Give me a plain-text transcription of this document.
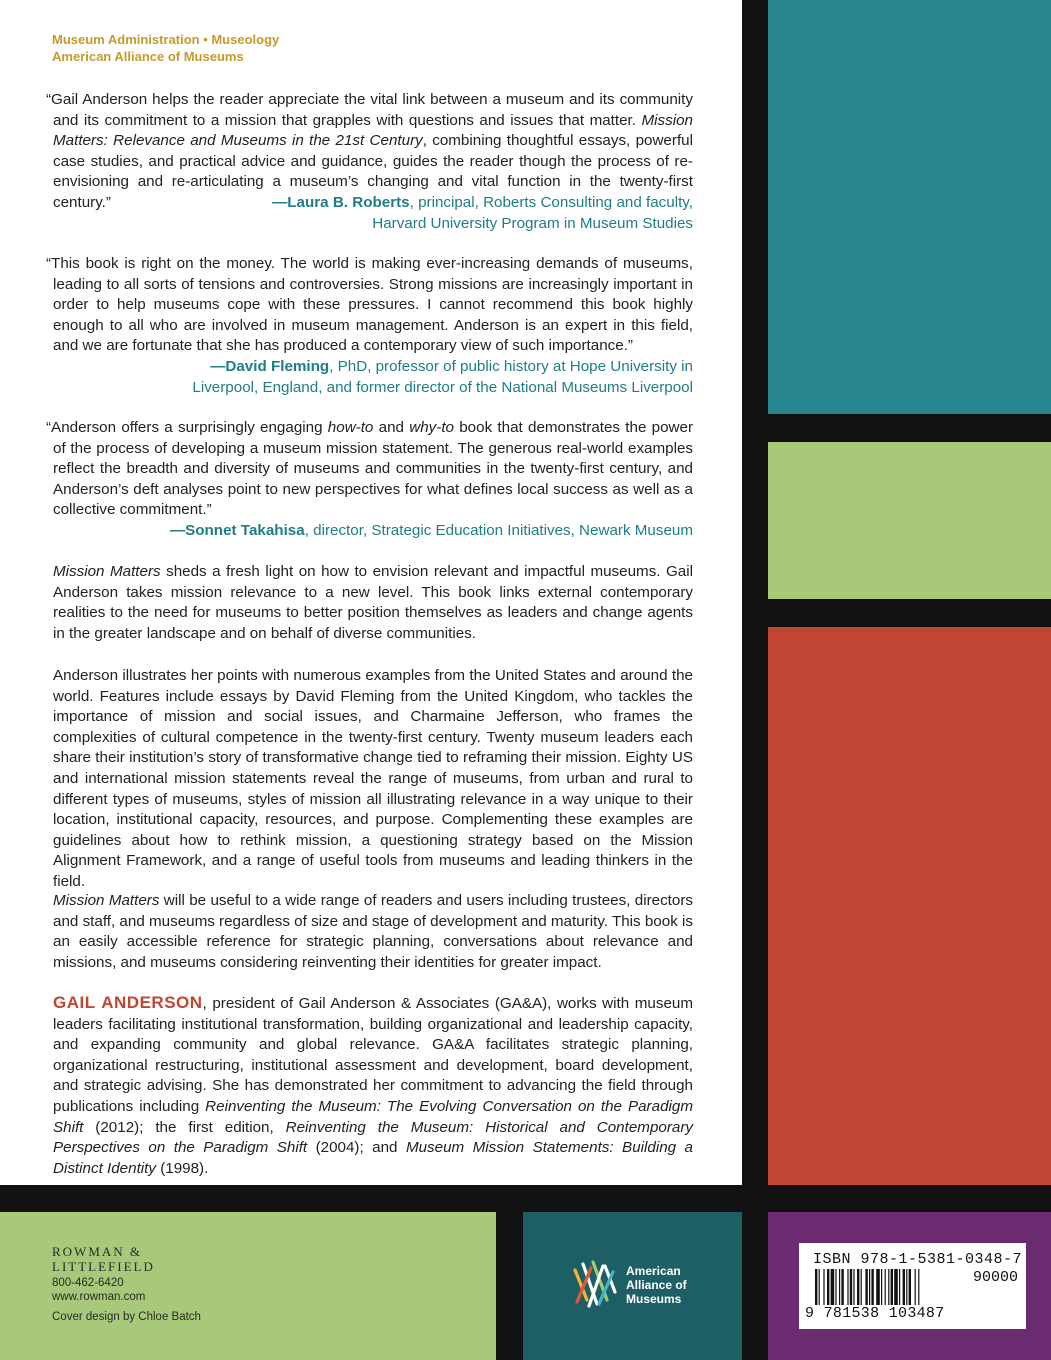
Museum Administration • Museology
American Alliance of Museums

“Gail Anderson helps the reader appreciate the vital link between a museum and its community and its commitment to a mission that grapples with questions and issues that matter. Mission Matters: Relevance and Museums in the 21st Century, combining thoughtful essays, powerful case studies, and practical advice and guidance, guides the reader though the process of re-envisioning and re-articulating a museum’s changing and vital function in the twenty-first century.”	—Laura B. Roberts, principal, Roberts Consulting and faculty,
Harvard University Program in Museum Studies

“This book is right on the money. The world is making ever-increasing demands of museums, leading to all sorts of tensions and controversies. Strong missions are increasingly important in order to help museums cope with these pressures. I cannot recommend this book highly enough to all who are involved in museum management. Anderson is an expert in this field, and we are fortunate that she has produced a contemporary view of such importance.”

—David Fleming, PhD, professor of public history at Hope University in
Liverpool, England, and former director of the National Museums Liverpool

“Anderson offers a surprisingly engaging how-to and why-to book that demonstrates the power of the process of developing a museum mission statement. The generous real-world examples reflect the breadth and diversity of museums and communities in the twenty-first century, and Anderson’s deft analyses point to new perspectives for what defines local success as well as a collective commitment.”

—Sonnet Takahisa, director, Strategic Education Initiatives, Newark Museum

Mission Matters sheds a fresh light on how to envision relevant and impactful museums. Gail Anderson takes mission relevance to a new level. This book links external contemporary realities to the need for museums to better position themselves as leaders and change agents in the greater landscape and on behalf of diverse communities.

Anderson illustrates her points with numerous examples from the United States and around the world. Features include essays by David Fleming from the United Kingdom, who tackles the importance of mission and social issues, and Charmaine Jefferson, who frames the complexities of cultural competence in the twenty-first century. Twenty museum leaders each share their institution’s story of transformative change tied to reframing their mission. Eighty US and international mission statements reveal the range of museums, from urban and rural to different types of museums, styles of mission all illustrating relevance in a way unique to their location, institutional capacity, resources, and purpose. Complementing these examples are guidelines about how to rethink mission, a questioning strategy based on the Mission Alignment Framework, and a range of useful tools from museums and leading thinkers in the field.

Mission Matters will be useful to a wide range of readers and users including trustees, directors and staff, and museums regardless of size and stage of development and maturity. This book is an easily accessible reference for strategic planning, conversations about relevance and missions, and museums considering reinventing their identities for greater impact.

GAIL ANDERSON, president of Gail Anderson & Associates (GA&A), works with museum leaders facilitating institutional transformation, building organizational and leadership capacity, and expanding community and global relevance. GA&A facilitates strategic planning, organizational restructuring, institutional assessment and development, board development, and strategic advising. She has demonstrated her commitment to advancing the field through publications including Reinventing the Museum: The Evolving Conversation on the Paradigm Shift (2012); the first edition, Reinventing the Museum: Historical and Contemporary Perspectives on the Paradigm Shift (2004); and Museum Mission Statements: Building a Distinct Identity (1998).

ROWMAN &
LITTLEFIELD
800-462-6420
www.rowman.com
Cover design by Chloe Batch
American
Alliance of
Museums
ISBN 978-1-5381-0348-7
90000
9 781538 103487
